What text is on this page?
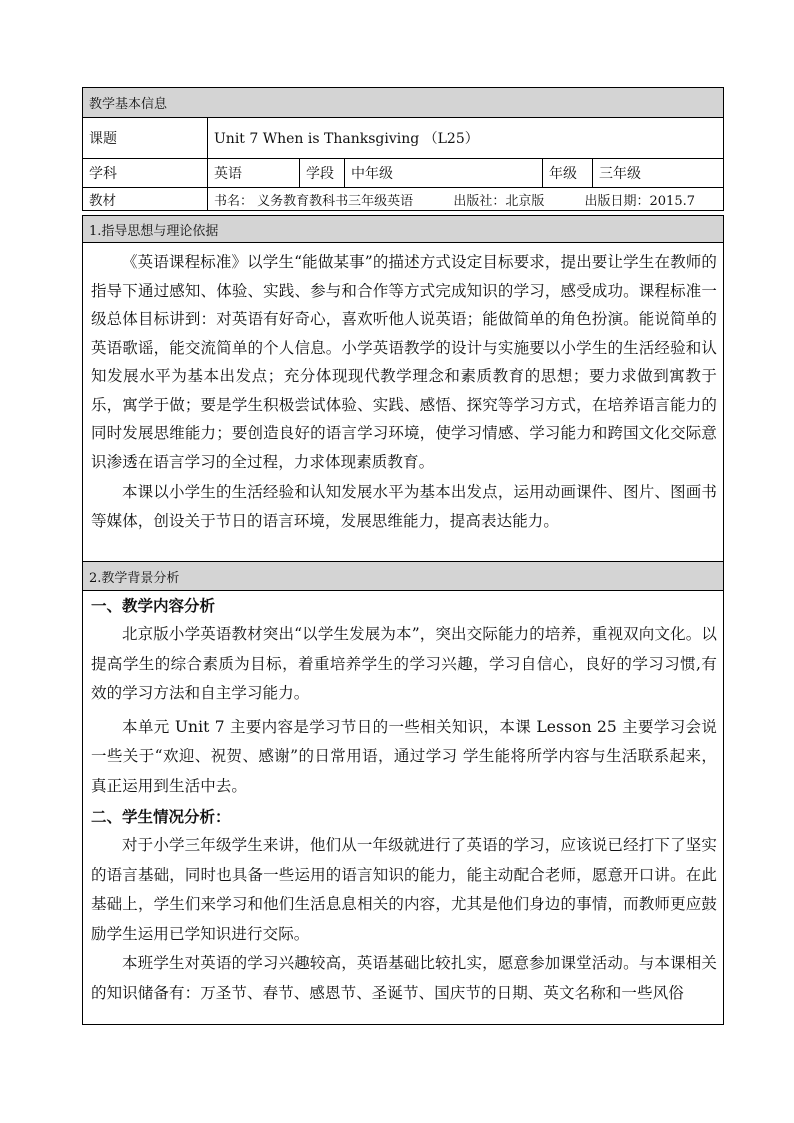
教学基本信息
课题	Unit 7 When is Thanksgiving （L25）
学科	英语	学段	中年级	年级	三年级
教材	书名： 义务教育教科书三年级英语	出版社：北京版	出版日期：2015.7
1.指导思想与理论依据

《英语课程标准》以学生“能做某事”的描述方式设定目标要求，提出要让学生在教师的指导下通过感知、体验、实践、参与和合作等方式完成知识的学习，感受成功。课程标准一级总体目标讲到：对英语有好奇心，喜欢听他人说英语；能做简单的角色扮演。能说简单的英语歌谣，能交流简单的个人信息。小学英语教学的设计与实施要以小学生的生活经验和认知发展水平为基本出发点；充分体现现代教学理念和素质教育的思想；要力求做到寓教于乐，寓学于做；要是学生积极尝试体验、实践、感悟、探究等学习方式，在培养语言能力的同时发展思维能力；要创造良好的语言学习环境，使学习情感、学习能力和跨国文化交际意识渗透在语言学习的全过程，力求体现素质教育。

本课以小学生的生活经验和认知发展水平为基本出发点，运用动画课件、图片、图画书等媒体，创设关于节日的语言环境，发展思维能力，提高表达能力。

2.教学背景分析

一、教学内容分析

北京版小学英语教材突出“以学生发展为本”，突出交际能力的培养，重视双向文化。以提高学生的综合素质为目标，着重培养学生的学习兴趣，学习自信心，良好的学习习惯,有效的学习方法和自主学习能力。

本单元 Unit 7 主要内容是学习节日的一些相关知识，本课 Lesson 25 主要学习会说一些关于“欢迎、祝贺、感谢”的日常用语，通过学习 学生能将所学内容与生活联系起来，真正运用到生活中去。

二、学生情况分析：

对于小学三年级学生来讲，他们从一年级就进行了英语的学习，应该说已经打下了坚实的语言基础，同时也具备一些运用的语言知识的能力，能主动配合老师，愿意开口讲。在此基础上，学生们来学习和他们生活息息相关的内容，尤其是他们身边的事情，而教师更应鼓励学生运用已学知识进行交际。

本班学生对英语的学习兴趣较高，英语基础比较扎实，愿意参加课堂活动。与本课相关的知识储备有：万圣节、春节、感恩节、圣诞节、国庆节的日期、英文名称和一些风俗
